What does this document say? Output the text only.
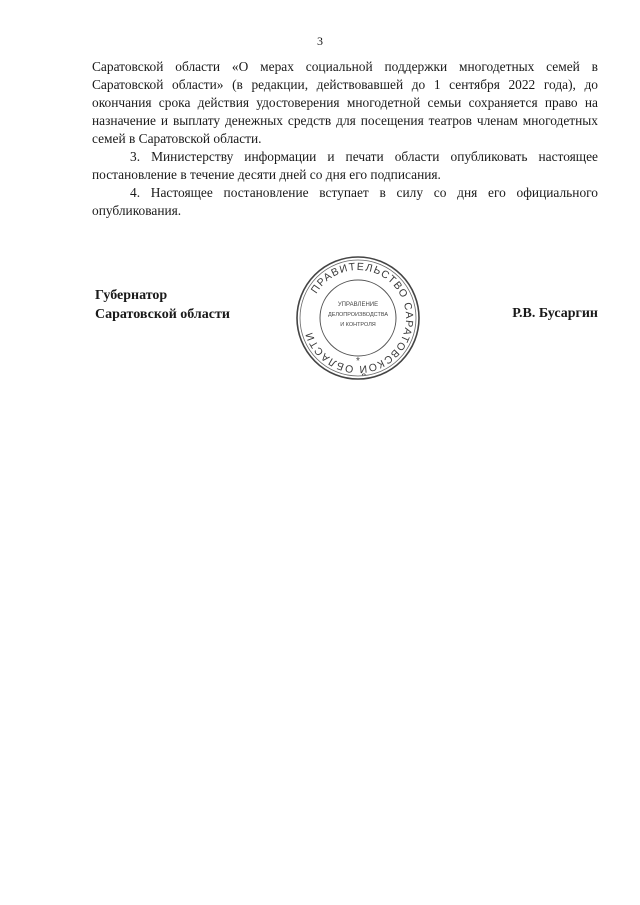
3

Саратовской области «О мерах социальной поддержки многодетных семей в Саратовской области» (в редакции, действовавшей до 1 сентября 2022 года), до окончания срока действия удостоверения многодетной семьи сохраняется право на назначение и выплату денежных средств для посещения театров членам многодетных семей в Саратовской области.

3. Министерству информации и печати области опубликовать настоящее постановление в течение десяти дней со дня его подписания.

4. Настоящее постановление вступает в силу со дня его официального опубликования.

Губернатор
Саратовской области
ПРАВИТЕЛЬСТВО САРАТОВСКОЙ ОБЛАСТИ
УПРАВЛЕНИЕ
ДЕЛОПРОИЗВОДСТВА
И КОНТРОЛЯ
*
Р.В. Бусаргин
